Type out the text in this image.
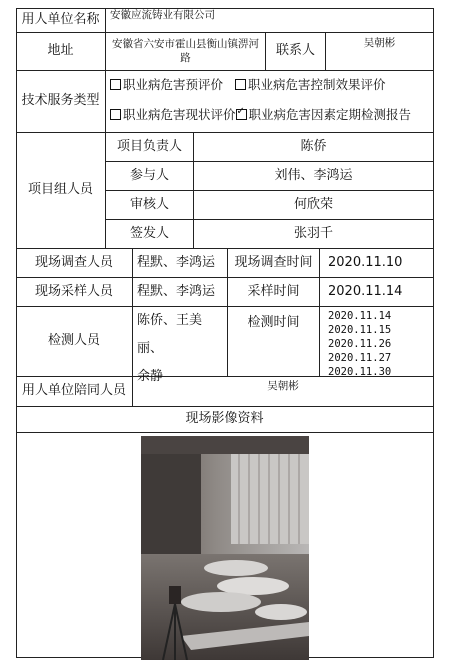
用人单位名称	安徽应流铸业有限公司
地址	安徽省六安市霍山县衡山镇淠河路	联系人
吴朝彬
技术服务类型
职业病危害预评价 职业病危害控制效果评价
职业病危害现状评价✓ 职业病危害因素定期检测报告
项目组人员
项目负责人	陈侨
参与人	刘伟、李鸿运
审核人	何欣荣
签发人	张羽千
现场调查人员	程默、李鸿运	现场调查时间	2020.11.10
现场采样人员	程默、李鸿运	采样时间	2020.11.14
检测人员
陈侨、王美丽、
余静
检测时间	2020.11.14
2020.11.15
2020.11.26
2020.11.27
2020.11.30
用人单位陪同人员	吴朝彬
现场影像资料
